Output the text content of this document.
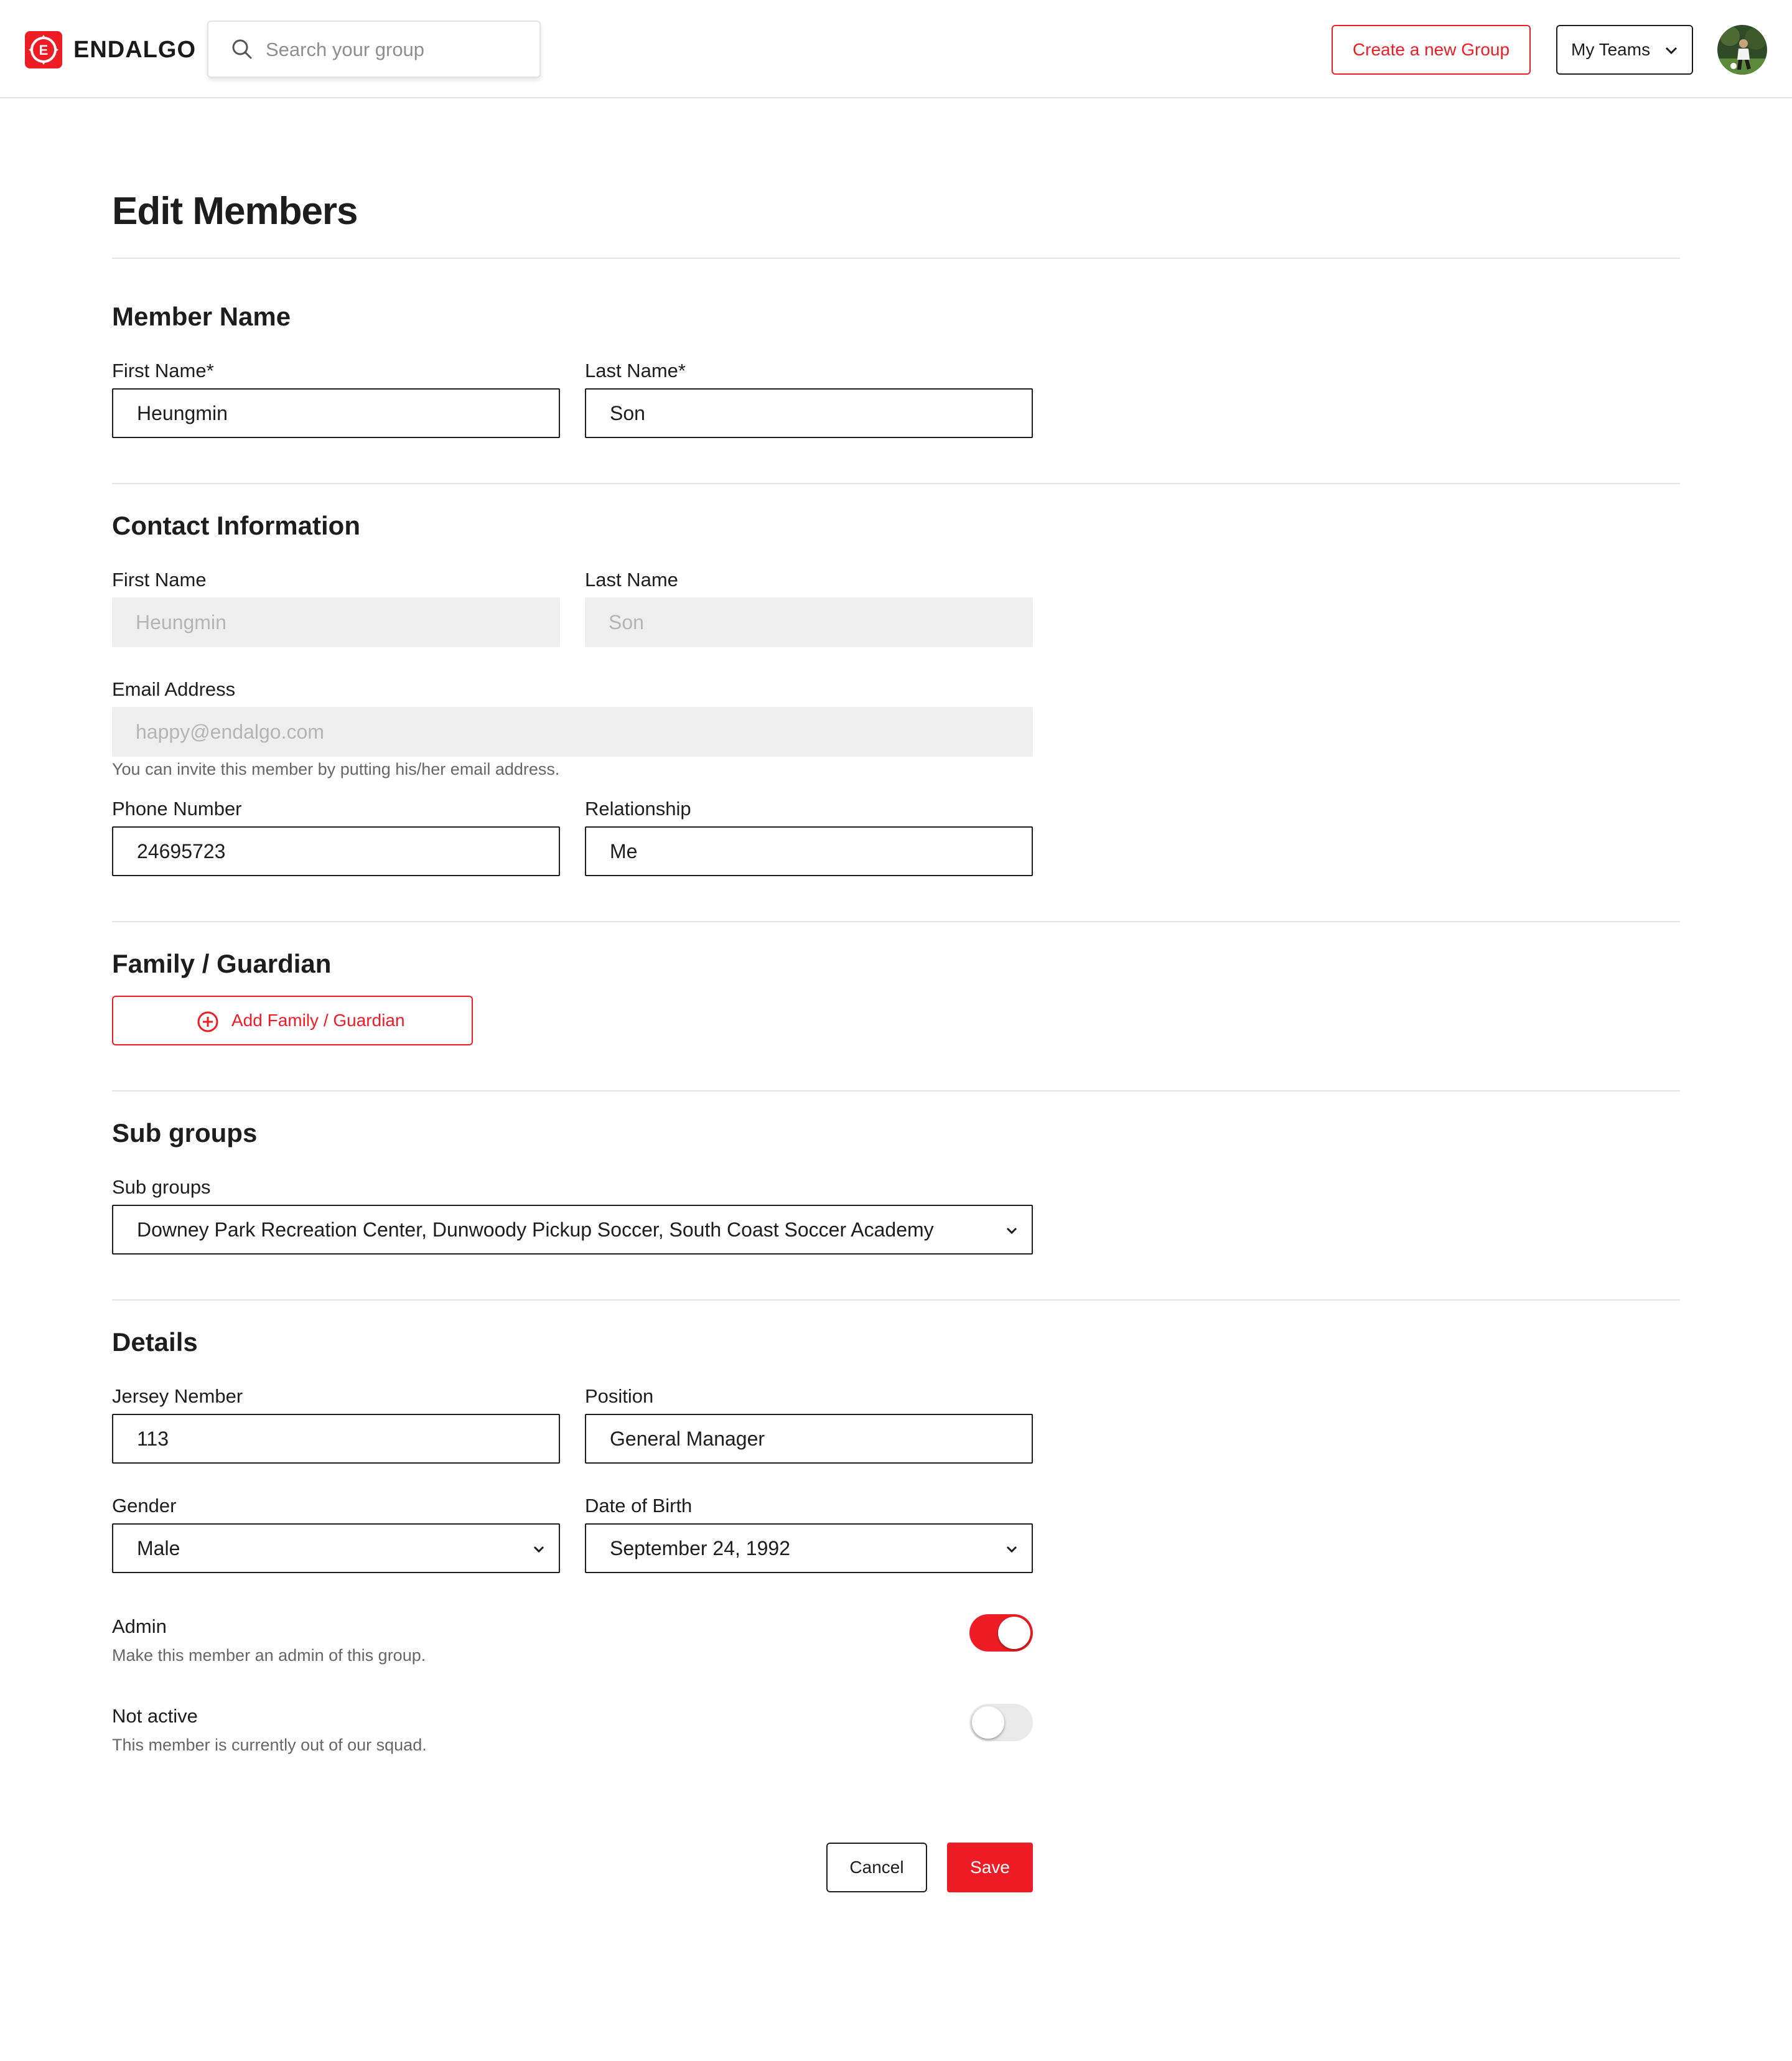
E ENDALGO
Search your group	Create a new Group	My Teams
Edit Members
Member Name
First Name*
Heungmin
Last Name*
Son
Contact Information
First Name
Heungmin
Last Name
Son
Email Address
happy@endalgo.com
You can invite this member by putting his/her email address.
Phone Number
24695723
Relationship
Me
Family / Guardian
Add Family / Guardian
Sub groups
Sub groups
Downey Park Recreation Center, Dunwoody Pickup Soccer, South Coast Soccer Academy
Details
Jersey Nember
113
Position
General Manager
Gender
Male
Date of Birth
September 24, 1992
Admin
Make this member an admin of this group.
Not active
This member is currently out of our squad.
Cancel	Save
